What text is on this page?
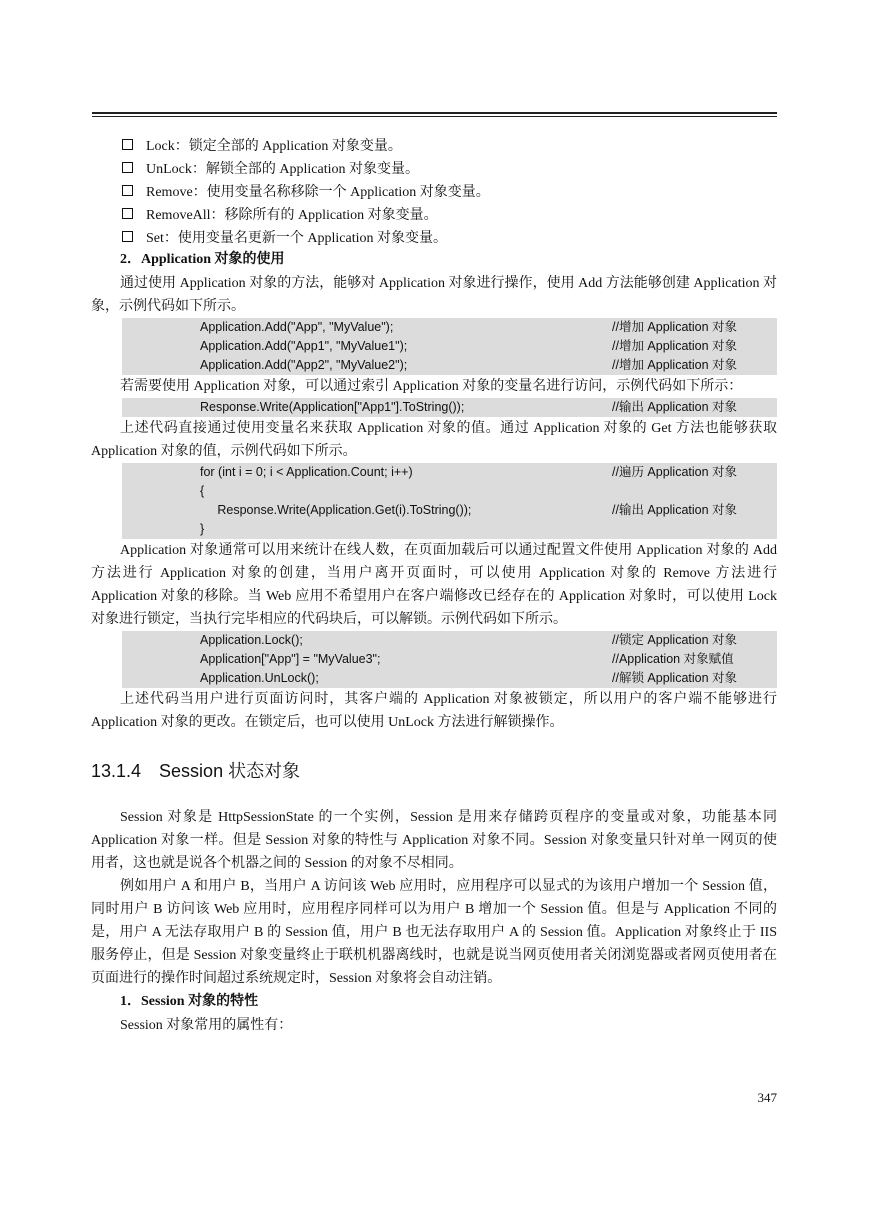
Lock：锁定全部的 Application 对象变量。
UnLock：解锁全部的 Application 对象变量。
Remove：使用变量名称移除一个 Application 对象变量。
RemoveAll：移除所有的 Application 对象变量。
Set：使用变量名更新一个 Application 对象变量。
2．Application 对象的使用

通过使用 Application 对象的方法，能够对 Application 对象进行操作，使用 Add 方法能够创建 Application 对象，示例代码如下所示。

Application.Add("App", "MyValue");	//增加 Application 对象
Application.Add("App1", "MyValue1");	//增加 Application 对象
Application.Add("App2", "MyValue2");	//增加 Application 对象

若需要使用 Application 对象，可以通过索引 Application 对象的变量名进行访问，示例代码如下所示：

Response.Write(Application["App1"].ToString());	//输出 Application 对象

上述代码直接通过使用变量名来获取 Application 对象的值。通过 Application 对象的 Get 方法也能够获取 Application 对象的值，示例代码如下所示。

for (int i = 0; i < Application.Count; i++)	//遍历 Application 对象
{
Response.Write(Application.Get(i).ToString());	//输出 Application 对象
}

Application 对象通常可以用来统计在线人数，在页面加载后可以通过配置文件使用 Application 对象的 Add 方法进行 Application 对象的创建，当用户离开页面时，可以使用 Application 对象的 Remove 方法进行 Application 对象的移除。当 Web 应用不希望用户在客户端修改已经存在的 Application 对象时，可以使用 Lock 对象进行锁定，当执行完毕相应的代码块后，可以解锁。示例代码如下所示。

Application.Lock();	//锁定 Application 对象
Application["App"] = "MyValue3";	//Application 对象赋值
Application.UnLock();	//解锁 Application 对象

上述代码当用户进行页面访问时，其客户端的 Application 对象被锁定，所以用户的客户端不能够进行 Application 对象的更改。在锁定后，也可以使用 UnLock 方法进行解锁操作。

13.1.4　Session 状态对象

Session 对象是 HttpSessionState 的一个实例，Session 是用来存储跨页程序的变量或对象，功能基本同 Application 对象一样。但是 Session 对象的特性与 Application 对象不同。Session 对象变量只针对单一网页的使用者，这也就是说各个机器之间的 Session 的对象不尽相同。

例如用户 A 和用户 B，当用户 A 访问该 Web 应用时，应用程序可以显式的为该用户增加一个 Session 值，同时用户 B 访问该 Web 应用时，应用程序同样可以为用户 B 增加一个 Session 值。但是与 Application 不同的是，用户 A 无法存取用户 B 的 Session 值，用户 B 也无法存取用户 A 的 Session 值。Application 对象终止于 IIS 服务停止，但是 Session 对象变量终止于联机机器离线时，也就是说当网页使用者关闭浏览器或者网页使用者在页面进行的操作时间超过系统规定时，Session 对象将会自动注销。

1．Session 对象的特性

Session 对象常用的属性有：

347
